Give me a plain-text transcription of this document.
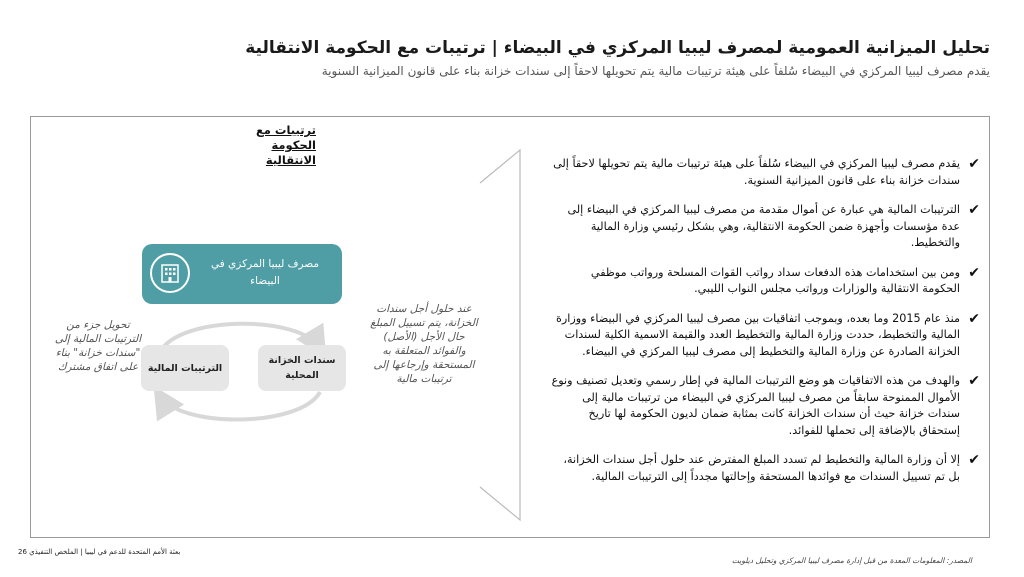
تحليل الميزانية العمومية لمصرف ليبيا المركزي في البيضاء | ترتيبات مع الحكومة الانتقالية
يقدم مصرف ليبيا المركزي في البيضاء سُلفاً على هيئة ترتيبات مالية يتم تحويلها لاحقاً إلى سندات خزانة بناء على قانون الميزانية السنوية
ترتيبات مع الحكومة
الانتقالية
مصرف ليبيا المركزي في
البيضاء
الترتيبات المالية
سندات الخزانة
المحلية
تحويل جزء من الترتيبات المالية إلى "سندات خزانة" بناء على اتفاق مشترك
عند حلول أجل سندات الخزانة، يتم تسييل المبلغ حال الأجل (الأصل) والفوائد المتعلقة به المستحقة وإرجاعها إلى ترتيبات مالية
✔
يقدم مصرف ليبيا المركزي في البيضاء سُلفاً على هيئة ترتيبات مالية يتم تحويلها لاحقاً إلى سندات خزانة بناء على قانون الميزانية السنوية.
✔
الترتيبات المالية هي عبارة عن أموال مقدمة من مصرف ليبيا المركزي في البيضاء إلى عدة مؤسسات وأجهزة ضمن الحكومة الانتقالية، وهي بشكل رئيسي وزارة المالية والتخطيط.
✔
ومن بين استخدامات هذه الدفعات سداد رواتب القوات المسلحة ورواتب موظفي الحكومة الانتقالية والوزارات ورواتب مجلس النواب الليبي.
✔
منذ عام 2015 وما بعده، وبموجب اتفاقيات بين مصرف ليبيا المركزي في البيضاء ووزارة المالية والتخطيط، حددت وزارة المالية والتخطيط العدد والقيمة الاسمية الكلية لسندات الخزانة الصادرة عن وزارة المالية والتخطيط إلى مصرف ليبيا المركزي في البيضاء.
✔
والهدف من هذه الاتفاقيات هو وضع الترتيبات المالية في إطار رسمي وتعديل تصنيف ونوع الأموال الممنوحة سابقاً من مصرف ليبيا المركزي في البيضاء من ترتيبات مالية إلى سندات خزانة حيث أن سندات الخزانة كانت بمثابة ضمان لديون الحكومة لها تاريخ إستحقاق بالإضافة إلى تحملها للفوائد.
✔
إلا أن وزارة المالية والتخطيط لم تسدد المبلغ المفترض عند حلول أجل سندات الخزانة، بل تم تسييل السندات مع فوائدها المستحقة وإحالتها مجدداً إلى الترتيبات المالية.
بعثة الأمم المتحدة للدعم في ليبيا | الملخص التنفيذي 26
المصدر: المعلومات المعدة من قبل إدارة مصرف ليبيا المركزي وتحليل ديلويت
